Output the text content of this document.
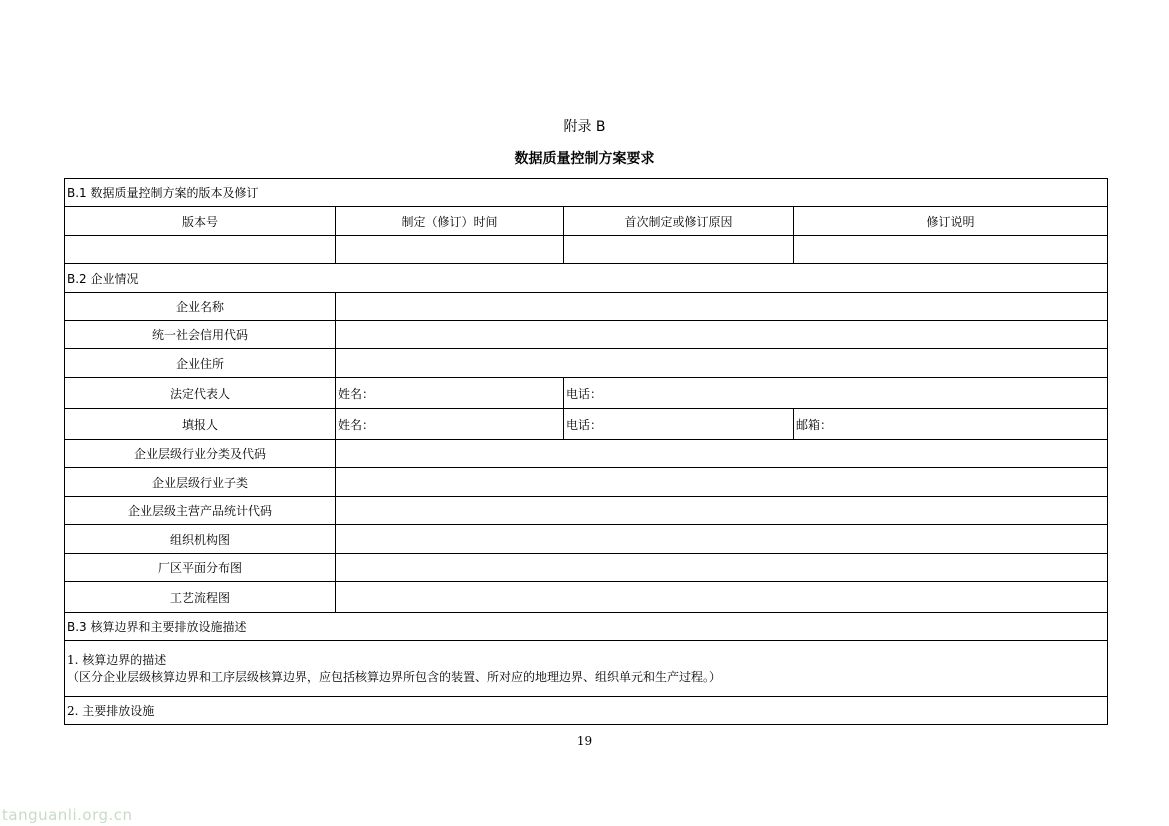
附录 B
数据质量控制方案要求
B.1 数据质量控制方案的版本及修订			
版本号	制定（修订）时间	首次制定或修订原因	修订说明

B.2 企业情况			
企业名称			
统一社会信用代码			
企业住所			
法定代表人	姓名：	电话：	
填报人	姓名：	电话：	邮箱：
企业层级行业分类及代码			
企业层级行业子类			
企业层级主营产品统计代码			
组织机构图			
厂区平面分布图			
工艺流程图			
B.3 核算边界和主要排放设施描述			

1. 核算边界的描述
（区分企业层级核算边界和工序层级核算边界，应包括核算边界所包含的装置、所对应的地理边界、组织单元和生产过程。）			

2. 主要排放设施			
19
tanguanli.org.cn
